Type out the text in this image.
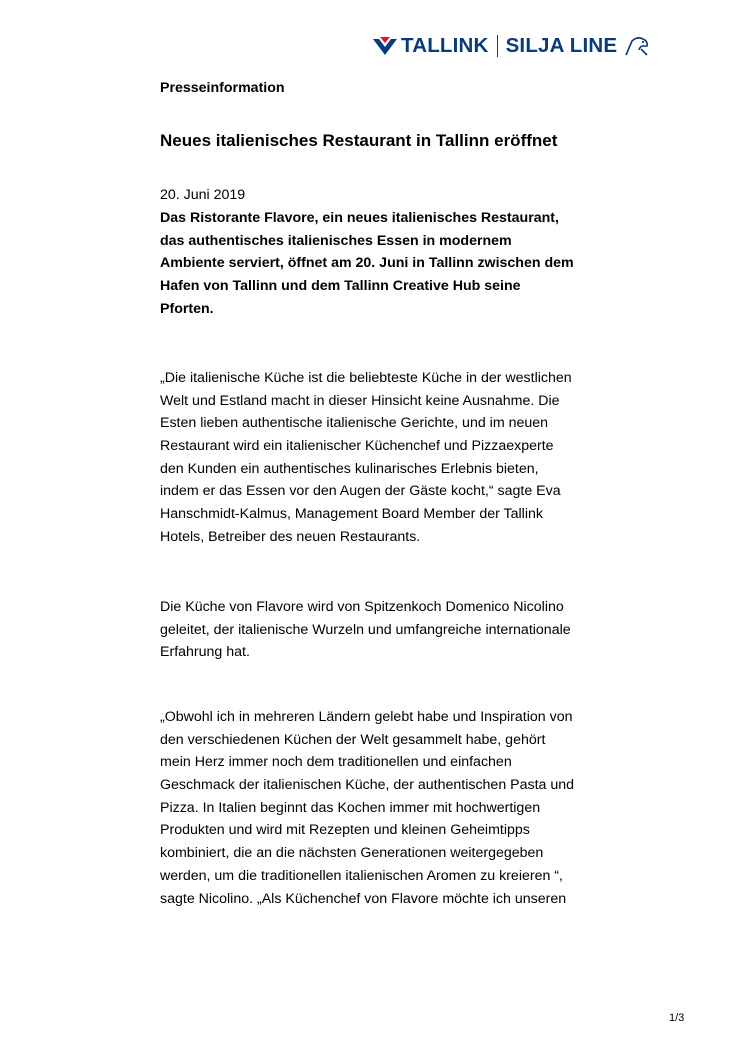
TALLINK SILJA LINE
Presseinformation
Neues italienisches Restaurant in Tallinn eröffnet
20. Juni 2019
Das Ristorante Flavore, ein neues italienisches Restaurant,
das authentisches italienisches Essen in modernem
Ambiente serviert, öffnet am 20. Juni in Tallinn zwischen dem
Hafen von Tallinn und dem Tallinn Creative Hub seine
Pforten.
„Die italienische Küche ist die beliebteste Küche in der westlichen
Welt und Estland macht in dieser Hinsicht keine Ausnahme. Die
Esten lieben authentische italienische Gerichte, und im neuen
Restaurant wird ein italienischer Küchenchef und Pizzaexperte
den Kunden ein authentisches kulinarisches Erlebnis bieten,
indem er das Essen vor den Augen der Gäste kocht,“ sagte Eva
Hanschmidt-Kalmus, Management Board Member der Tallink
Hotels, Betreiber des neuen Restaurants.
Die Küche von Flavore wird von Spitzenkoch Domenico Nicolino
geleitet, der italienische Wurzeln und umfangreiche internationale
Erfahrung hat.
„Obwohl ich in mehreren Ländern gelebt habe und Inspiration von
den verschiedenen Küchen der Welt gesammelt habe, gehört
mein Herz immer noch dem traditionellen und einfachen
Geschmack der italienischen Küche, der authentischen Pasta und
Pizza. In Italien beginnt das Kochen immer mit hochwertigen
Produkten und wird mit Rezepten und kleinen Geheimtipps
kombiniert, die an die nächsten Generationen weitergegeben
werden, um die traditionellen italienischen Aromen zu kreieren “,
sagte Nicolino. „Als Küchenchef von Flavore möchte ich unseren
1/3
